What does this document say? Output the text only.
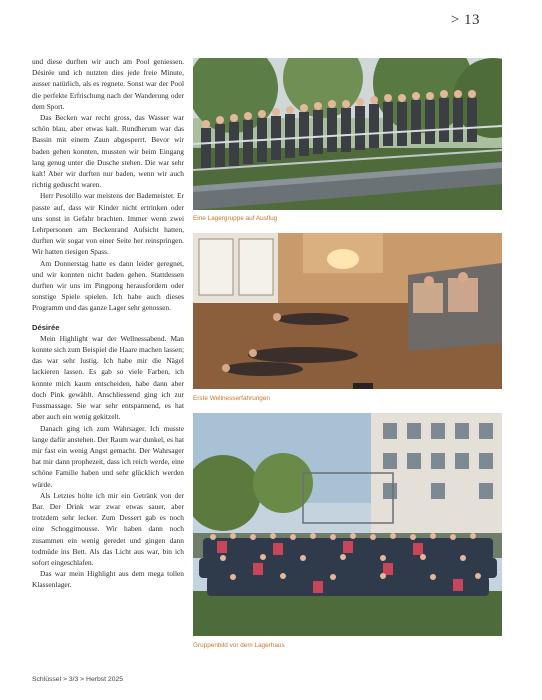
> 13

und diese durften wir auch am Pool geniessen. Désirée und ich nutzten dies jede freie Minute, ausser natürlich, als es regnete. Sonst war der Pool die perfekte Erfrischung nach der Wanderung oder dem Sport.

Das Becken war recht gross, das Wasser war schön blau, aber etwas kalt. Rundherum war das Bassin mit einem Zaun abgesperrt. Bevor wir baden gehen konnten, mussten wir beim Eingang lang genug unter die Dusche stehen. Die war sehr kalt! Aber wir durften nur baden, wenn wir auch richtig geduscht waren.

Herr Pesolillo war meistens der Bademeister. Er passte auf, dass wir Kinder nicht ertrinken oder uns sonst in Gefahr brachten. Immer wenn zwei Lehrpersonen am Beckenrand Aufsicht hatten, durften wir sogar von einer Seite her reinspringen. Wir hatten riesigen Spass.

Am Donnerstag hatte es dann leider geregnet, und wir konnten nicht baden gehen. Stattdessen durften wir uns im Pingpong herausfordern oder sonstige Spiele spielen. Ich habe auch dieses Programm und das ganze Lager sehr genossen.

Désirée

Mein Highlight war der Wellnessabend. Man konnte sich zum Beispiel die Haare machen lassen; das war sehr lustig. Ich habe mir die Nägel lackieren lassen. Es gab so viele Farben, ich konnte mich kaum entscheiden, habe dann aber doch Pink gewählt. Anschliessend ging ich zur Fussmassage. Sie war sehr entspannend, es hat aber auch ein wenig gekitzelt.

Danach ging ich zum Wahrsager. Ich musste lange dafür anstehen. Der Raum war dunkel, es hat mir fast ein wenig Angst gemacht. Der Wahrsager hat mir dann prophezeit, dass ich reich werde, eine schöne Familie haben und sehr glücklich werden würde.

Als Letztes holte ich mir ein Getränk von der Bar. Der Drink war zwar etwas sauer, aber trotzdem sehr lecker. Zum Dessert gab es noch eine Schoggimousse. Wir haben dann noch zusammen ein wenig geredet und gingen dann todmüde ins Bett. Als das Licht aus war, bin ich sofort eingeschlafen.

Das war mein Highlight aus dem mega tollen Klassenlager.

Eine Lagergruppe auf Ausflug
Erste Wellnesserfahrungen
Gruppenbild vor dem Lagerhaus
Schlüssel > 3/3 > Herbst 2025
